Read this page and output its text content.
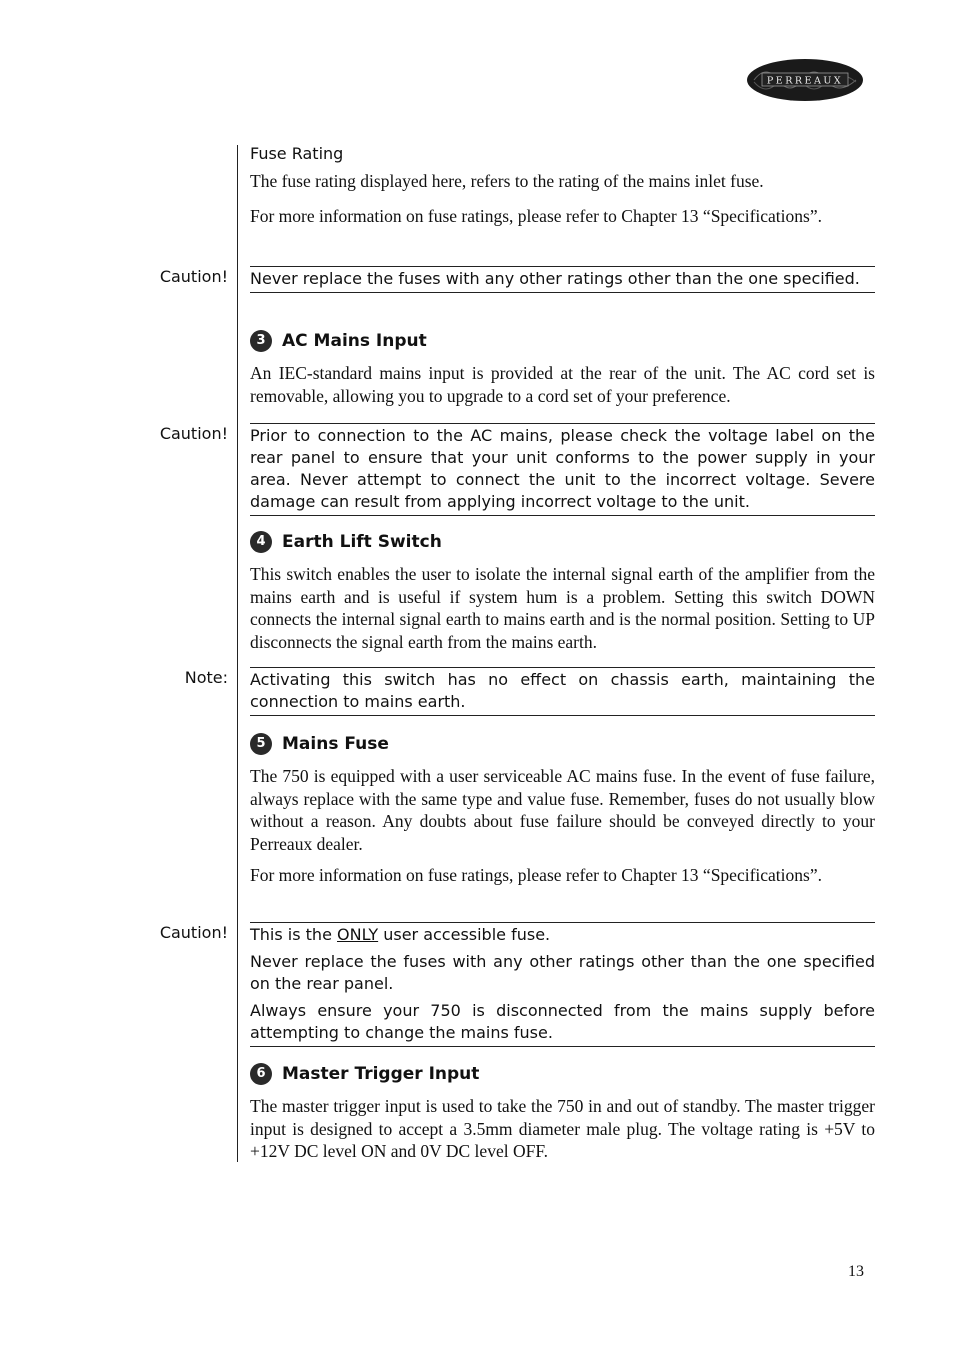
PERREAUX
Fuse Rating

The fuse rating displayed here, refers to the rating of the mains inlet fuse.

For more information on fuse ratings, please refer to Chapter 13 “Specifications”.

Caution! Never replace the fuses with any other ratings other than the one specified.

3 AC Mains Input

An IEC-standard mains input is provided at the rear of the unit. The AC cord set is removable, allowing you to upgrade to a cord set of your preference.

Caution! Prior to connection to the AC mains, please check the voltage label on the rear panel to ensure that your unit conforms to the power supply in your area. Never attempt to connect the unit to the incorrect voltage. Severe damage can result from applying incorrect voltage to the unit.

4 Earth Lift Switch

This switch enables the user to isolate the internal signal earth of the amplifier from the mains earth and is useful if system hum is a problem. Setting this switch DOWN connects the internal signal earth to mains earth and is the normal position. Setting to UP disconnects the signal earth from the mains earth.

Note: Activating this switch has no effect on chassis earth, maintaining the connection to mains earth.

5 Mains Fuse

The 750 is equipped with a user serviceable AC mains fuse. In the event of fuse failure, always replace with the same type and value fuse. Remember, fuses do not usually blow without a reason. Any doubts about fuse failure should be conveyed directly to your Perreaux dealer.

For more information on fuse ratings, please refer to Chapter 13 “Specifications”.

Caution! This is the ONLY user accessible fuse.

Never replace the fuses with any other ratings other than the one specified on the rear panel.

Always ensure your 750 is disconnected from the mains supply before attempting to change the mains fuse.

6 Master Trigger Input

The master trigger input is used to take the 750 in and out of standby. The master trigger input is designed to accept a 3.5mm diameter male plug. The voltage rating is +5V to +12V DC level ON and 0V DC level OFF.

13
